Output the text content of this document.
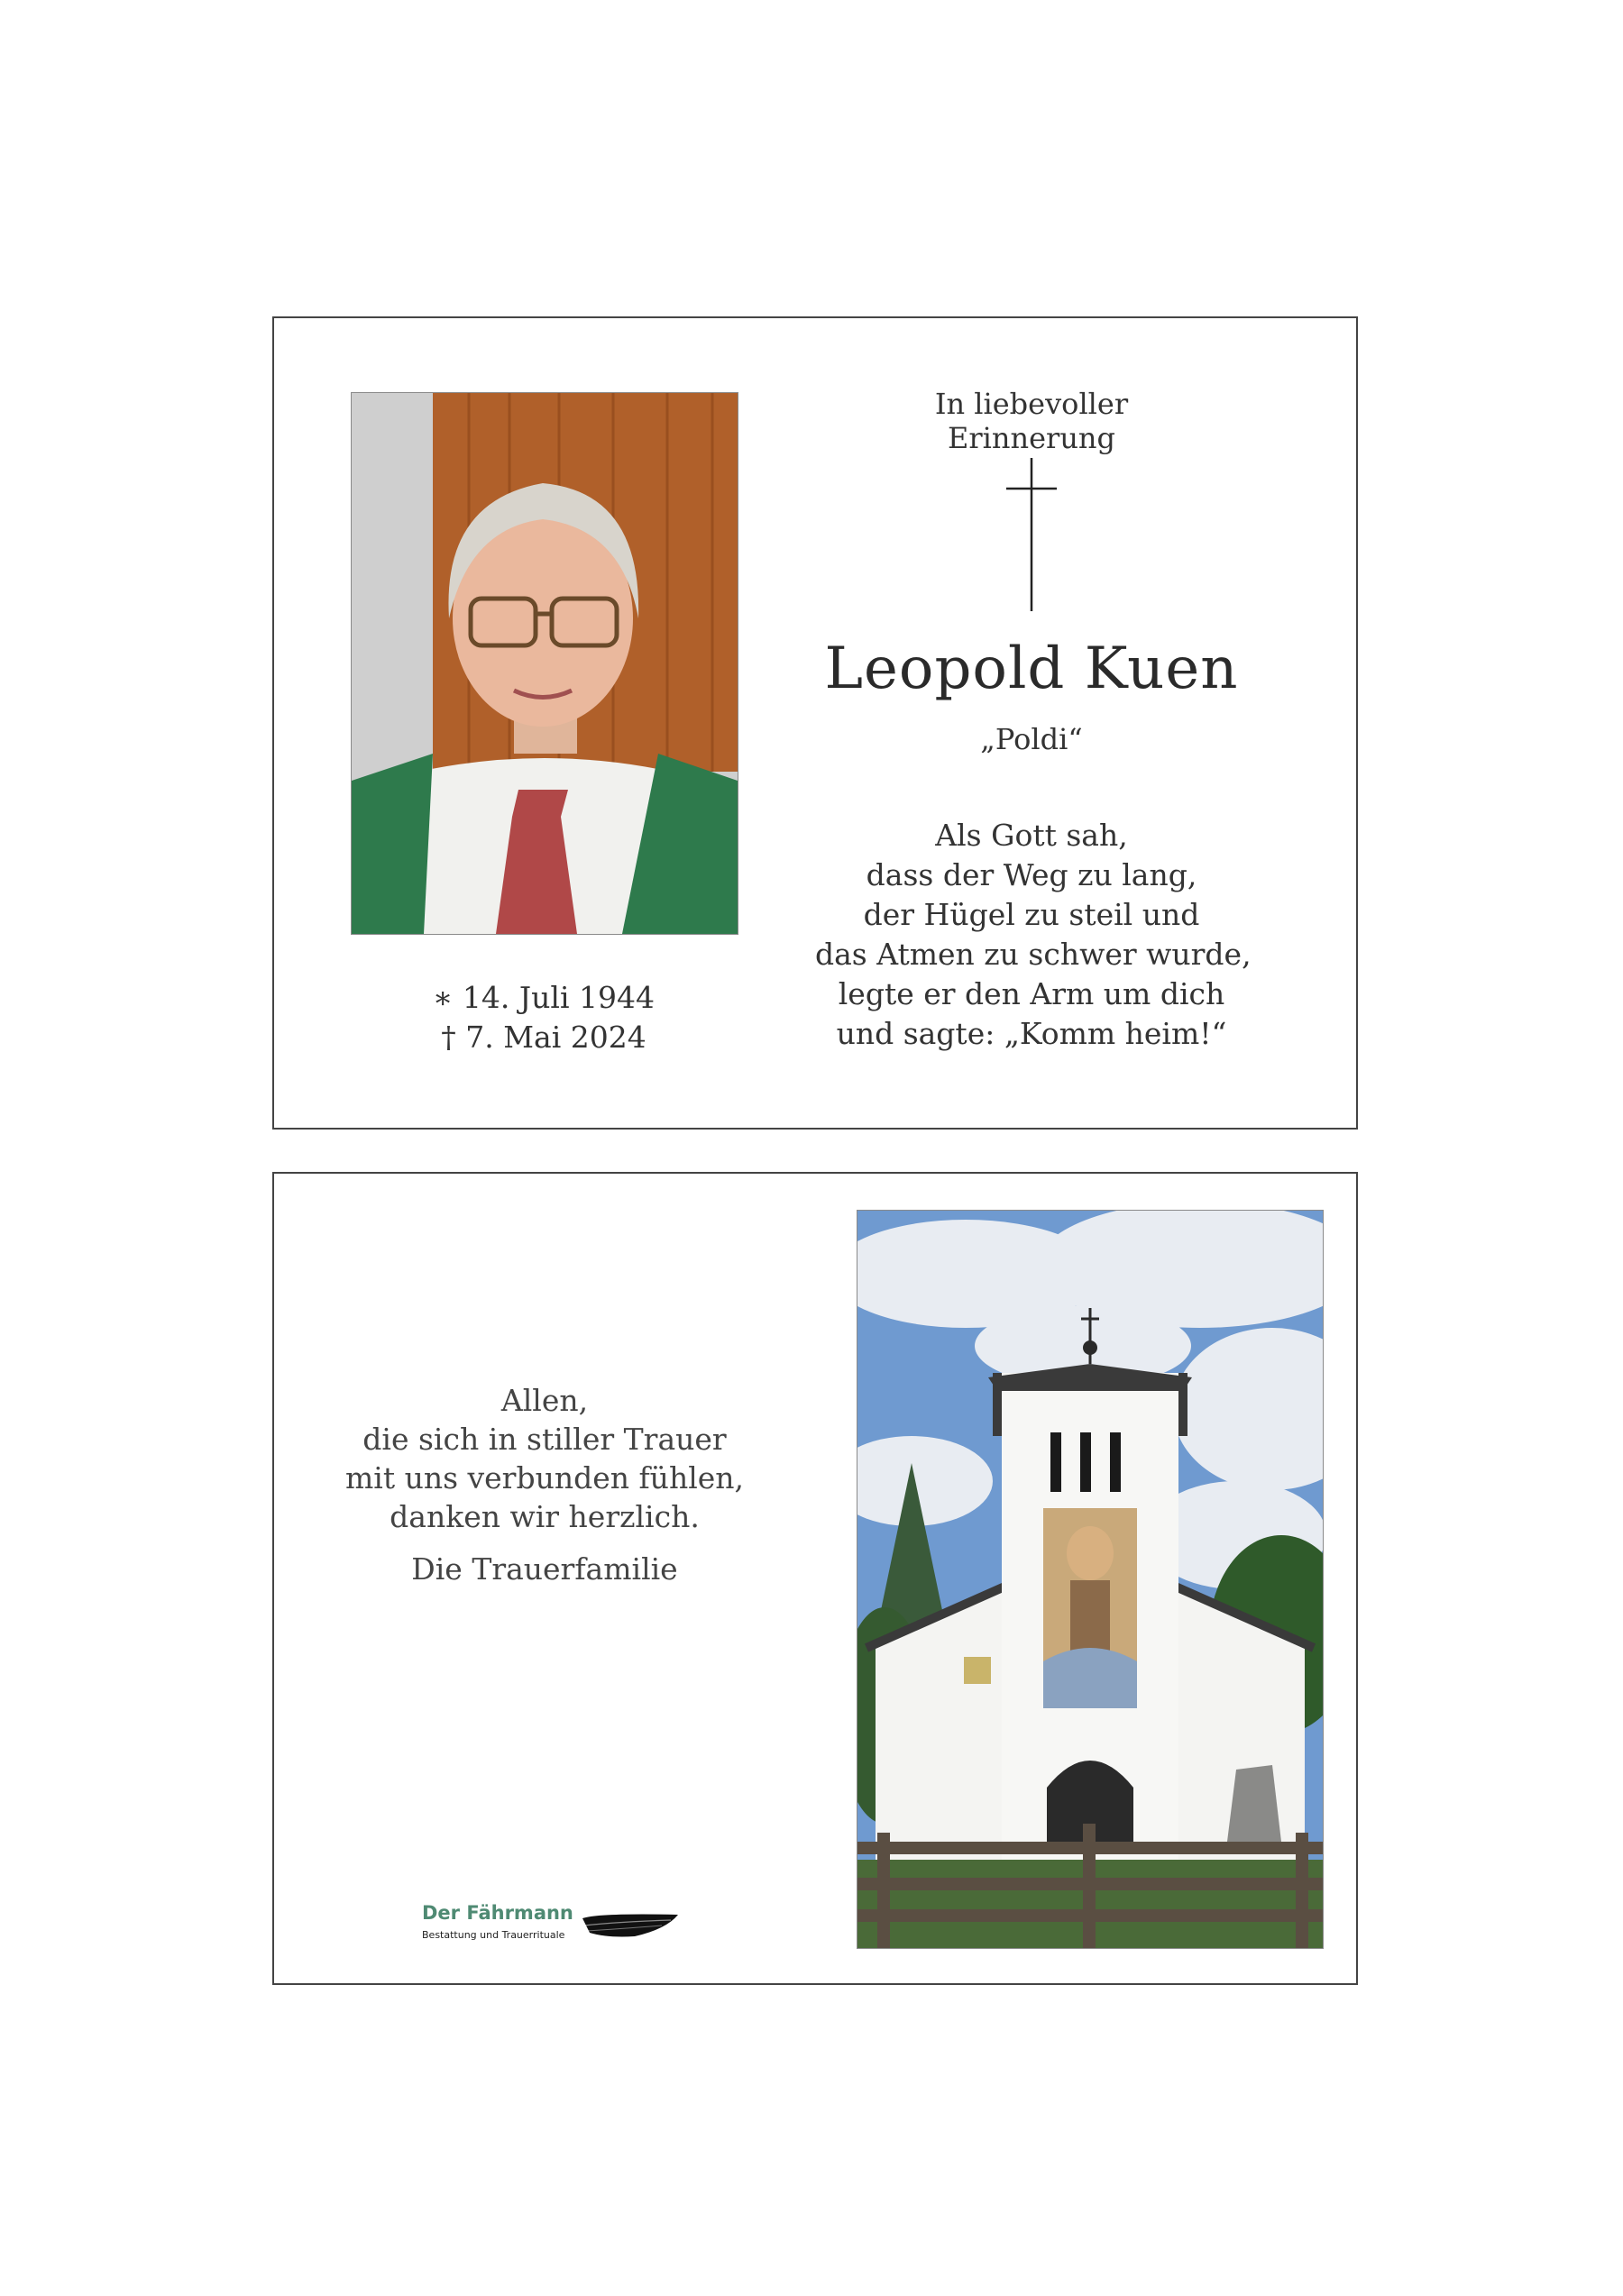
In liebevoller Erinnerung
Leopold Kuen
„Poldi“
Als Gott sah,
dass der Weg zu lang,
der Hügel zu steil und
das Atmen zu schwer wurde,
legte er den Arm um dich
und sagte: „Komm heim!“
∗ 14. Juli 1944
† 7. Mai 2024
Allen,
die sich in stiller Trauer
mit uns verbunden fühlen,
danken wir herzlich.
Die Trauerfamilie
Der Fährmann
Bestattung und Trauerrituale
